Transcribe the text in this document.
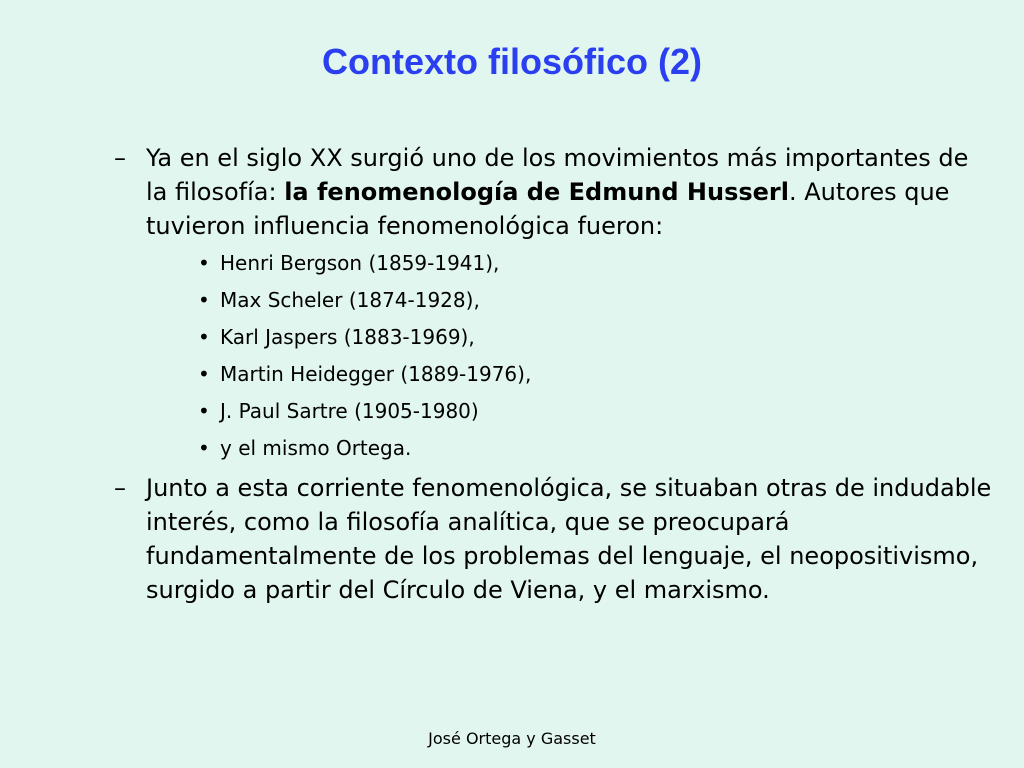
Contexto filosófico (2)
– Ya en el siglo XX surgió uno de los movimientos más importantes de la filosofía: la fenomenología de Edmund Husserl. Autores que tuvieron influencia fenomenológica fueron:
• Henri Bergson (1859-1941),
• Max Scheler (1874-1928),
• Karl Jaspers (1883-1969),
• Martin Heidegger (1889-1976),
• J. Paul Sartre (1905-1980)
• y el mismo Ortega.
– Junto a esta corriente fenomenológica, se situaban otras de indudable interés, como la filosofía analítica, que se preocupará fundamentalmente de los problemas del lenguaje, el neopositivismo, surgido a partir del Círculo de Viena, y el marxismo.
José Ortega y Gasset
